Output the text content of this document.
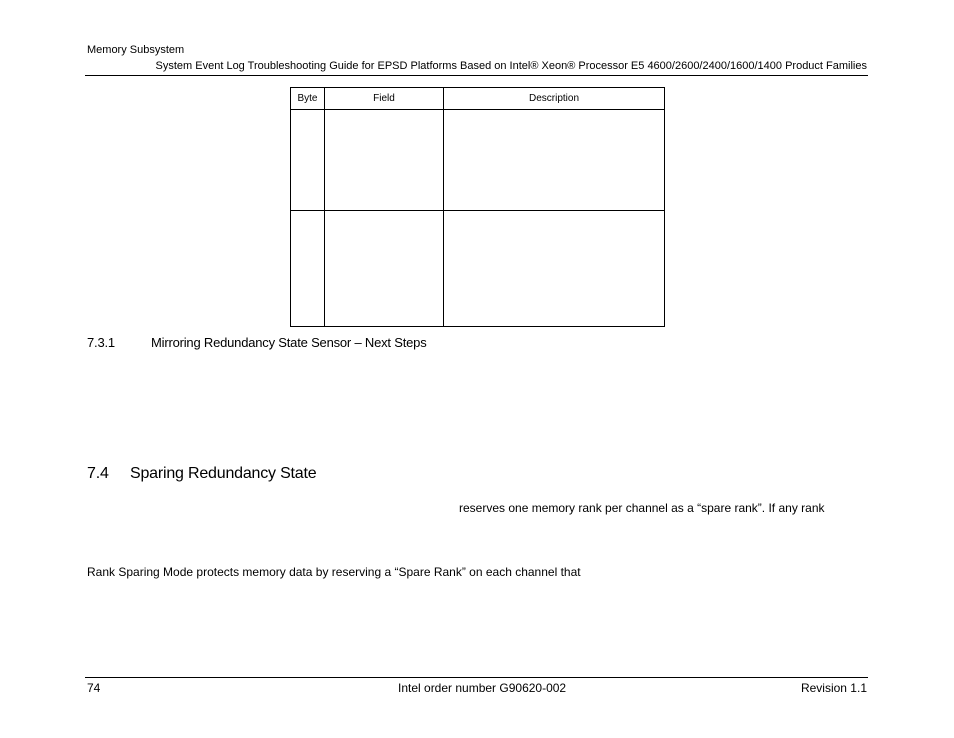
Memory Subsystem
System Event Log Troubleshooting Guide for EPSD Platforms Based on Intel® Xeon® Processor E5 4600/2600/2400/1600/1400 Product Families
Byte	Field	Description

7.3.1	Mirroring Redundancy State Sensor – Next Steps
7.4 Sparing Redundancy State
reserves one memory rank per channel as a “spare rank”. If any rank
Rank Sparing Mode protects memory data by reserving a “Spare Rank” on each channel that
74	Intel order number G90620-002	Revision 1.1
